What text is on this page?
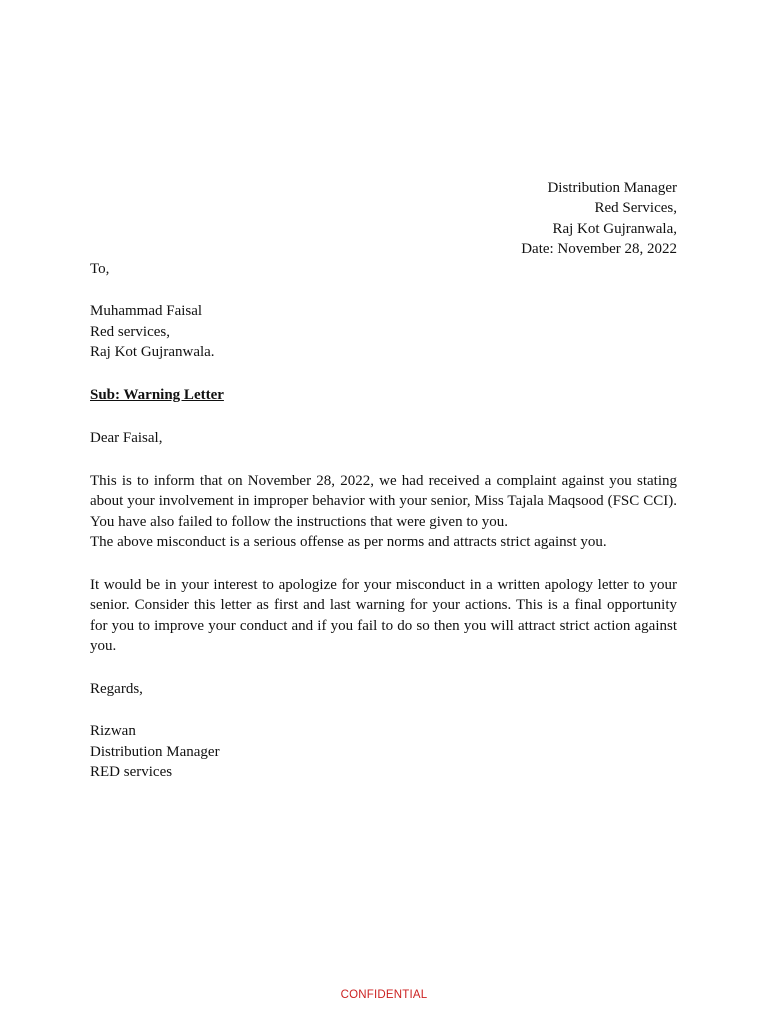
Distribution Manager
Red Services,
Raj Kot Gujranwala,
Date: November 28, 2022
To,
Muhammad Faisal
Red services,
Raj Kot Gujranwala.
Sub: Warning Letter
Dear Faisal,
This is to inform that on November 28, 2022, we had received a complaint against you stating about your involvement in improper behavior with your senior, Miss Tajala Maqsood (FSC CCI). You have also failed to follow the instructions that were given to you.
The above misconduct is a serious offense as per norms and attracts strict against you.
It would be in your interest to apologize for your misconduct in a written apology letter to your senior. Consider this letter as first and last warning for your actions. This is a final opportunity for you to improve your conduct and if you fail to do so then you will attract strict action against you.
Regards,
Rizwan
Distribution Manager
RED services
CONFIDENTIAL
